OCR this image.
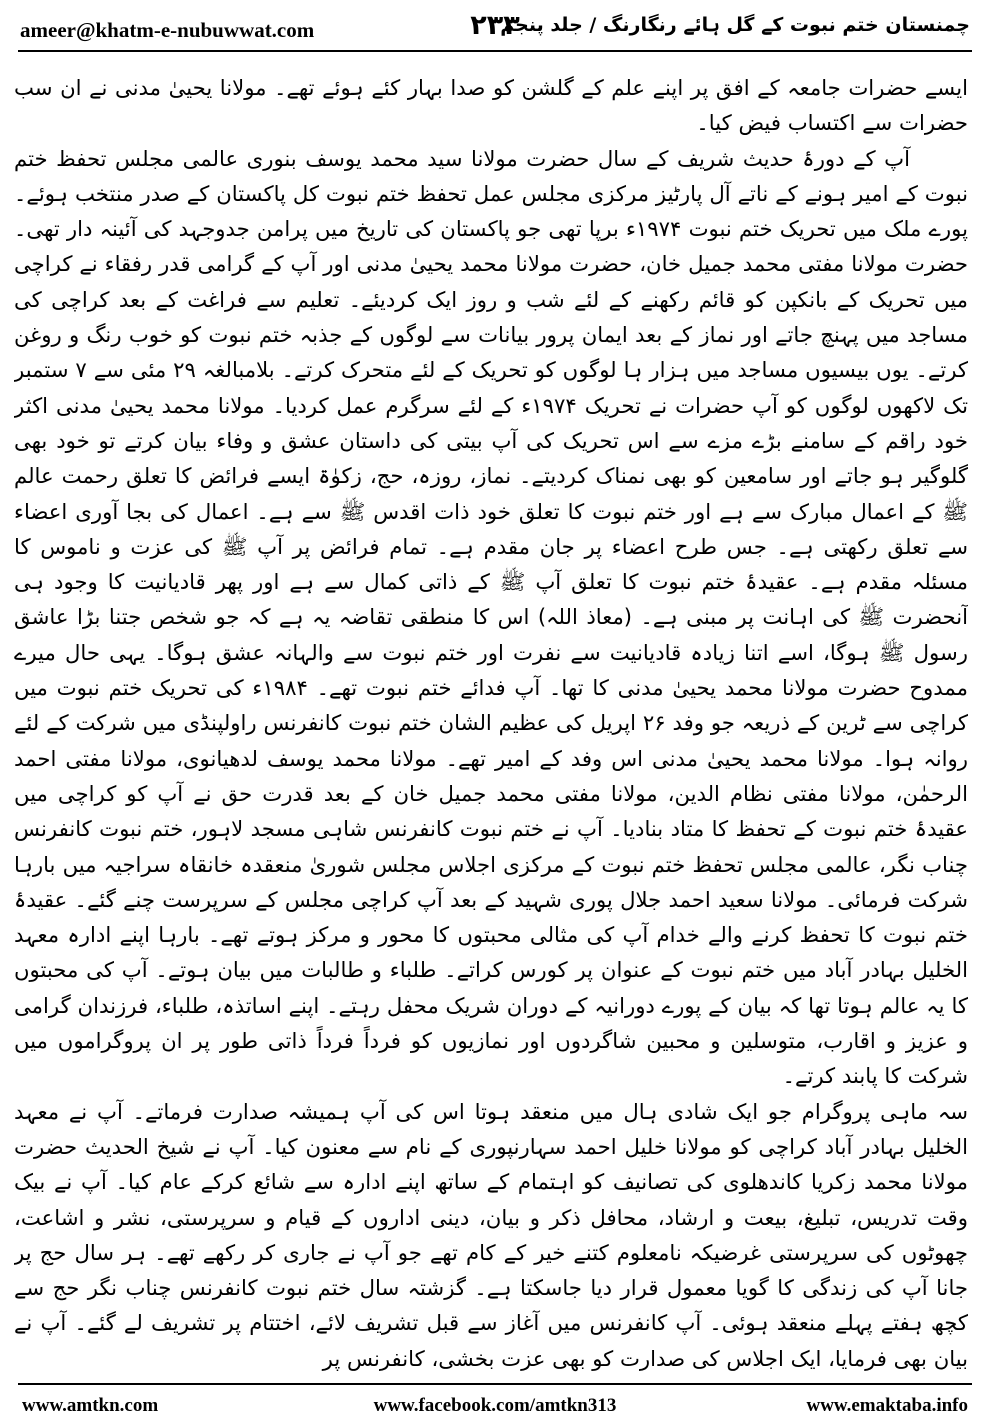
ameer@khatm-e-nubuwwat.com	۲۳۳
چمنستان ختم نبوت کے گل ہائے رنگارنگ / جلد پنجم

ایسے حضرات جامعہ کے افق پر اپنے علم کے گلشن کو صدا بہار کئے ہوئے تھے۔ مولانا یحییٰ مدنی نے ان سب حضرات سے اکتساب فیض کیا۔

آپ کے دورۂ حدیث شریف کے سال حضرت مولانا سید محمد یوسف بنوری عالمی مجلس تحفظ ختم نبوت کے امیر ہونے کے ناتے آل پارٹیز مرکزی مجلس عمل تحفظ ختم نبوت کل پاکستان کے صدر منتخب ہوئے۔ پورے ملک میں تحریک ختم نبوت ۱۹۷۴ء برپا تھی جو پاکستان کی تاریخ میں پرامن جدوجہد کی آئینہ دار تھی۔ حضرت مولانا مفتی محمد جمیل خان، حضرت مولانا محمد یحییٰ مدنی اور آپ کے گرامی قدر رفقاء نے کراچی میں تحریک کے بانکپن کو قائم رکھنے کے لئے شب و روز ایک کردیئے۔ تعلیم سے فراغت کے بعد کراچی کی مساجد میں پہنچ جاتے اور نماز کے بعد ایمان پرور بیانات سے لوگوں کے جذبہ ختم نبوت کو خوب رنگ و روغن کرتے۔ یوں بیسیوں مساجد میں ہزار ہا لوگوں کو تحریک کے لئے متحرک کرتے۔ بلامبالغہ ۲۹ مئی سے ۷ ستمبر تک لاکھوں لوگوں کو آپ حضرات نے تحریک ۱۹۷۴ء کے لئے سرگرم عمل کردیا۔ مولانا محمد یحییٰ مدنی اکثر خود راقم کے سامنے بڑے مزے سے اس تحریک کی آپ بیتی کی داستان عشق و وفاء بیان کرتے تو خود بھی گلوگیر ہو جاتے اور سامعین کو بھی نمناک کردیتے۔ نماز، روزہ، حج، زکوٰۃ ایسے فرائض کا تعلق رحمت عالم ﷺ کے اعمال مبارک سے ہے اور ختم نبوت کا تعلق خود ذات اقدس ﷺ سے ہے۔ اعمال کی بجا آوری اعضاء سے تعلق رکھتی ہے۔ جس طرح اعضاء پر جان مقدم ہے۔ تمام فرائض پر آپ ﷺ کی عزت و ناموس کا مسئلہ مقدم ہے۔ عقیدۂ ختم نبوت کا تعلق آپ ﷺ کے ذاتی کمال سے ہے اور پھر قادیانیت کا وجود ہی آنحضرت ﷺ کی اہانت پر مبنی ہے۔ (معاذ اللہ) اس کا منطقی تقاضہ یہ ہے کہ جو شخص جتنا بڑا عاشق رسول ﷺ ہوگا، اسے اتنا زیادہ قادیانیت سے نفرت اور ختم نبوت سے والہانہ عشق ہوگا۔ یہی حال میرے ممدوح حضرت مولانا محمد یحییٰ مدنی کا تھا۔ آپ فدائے ختم نبوت تھے۔ ۱۹۸۴ء کی تحریک ختم نبوت میں کراچی سے ٹرین کے ذریعہ جو وفد ۲۶ اپریل کی عظیم الشان ختم نبوت کانفرنس راولپنڈی میں شرکت کے لئے روانہ ہوا۔ مولانا محمد یحییٰ مدنی اس وفد کے امیر تھے۔ مولانا محمد یوسف لدھیانوی، مولانا مفتی احمد الرحمٰن، مولانا مفتی نظام الدین، مولانا مفتی محمد جمیل خان کے بعد قدرت حق نے آپ کو کراچی میں عقیدۂ ختم نبوت کے تحفظ کا متاد بنادیا۔ آپ نے ختم نبوت کانفرنس شاہی مسجد لاہور، ختم نبوت کانفرنس چناب نگر، عالمی مجلس تحفظ ختم نبوت کے مرکزی اجلاس مجلس شوریٰ منعقدہ خانقاہ سراجیہ میں بارہا شرکت فرمائی۔ مولانا سعید احمد جلال پوری شہید کے بعد آپ کراچی مجلس کے سرپرست چنے گئے۔ عقیدۂ ختم نبوت کا تحفظ کرنے والے خدام آپ کی مثالی محبتوں کا محور و مرکز ہوتے تھے۔ بارہا اپنے ادارہ معہد الخلیل بہادر آباد میں ختم نبوت کے عنوان پر کورس کراتے۔ طلباء و طالبات میں بیان ہوتے۔ آپ کی محبتوں کا یہ عالم ہوتا تھا کہ بیان کے پورے دورانیہ کے دوران شریک محفل رہتے۔ اپنے اساتذہ، طلباء، فرزندان گرامی و عزیز و اقارب، متوسلین و محبین شاگردوں اور نمازیوں کو فرداً فرداً ذاتی طور پر ان پروگراموں میں شرکت کا پابند کرتے۔

سہ ماہی پروگرام جو ایک شادی ہال میں منعقد ہوتا اس کی آپ ہمیشہ صدارت فرماتے۔ آپ نے معہد الخلیل بہادر آباد کراچی کو مولانا خلیل احمد سہارنپوری کے نام سے معنون کیا۔ آپ نے شیخ الحدیث حضرت مولانا محمد زکریا کاندھلوی کی تصانیف کو اہتمام کے ساتھ اپنے ادارہ سے شائع کرکے عام کیا۔ آپ نے بیک وقت تدریس، تبلیغ، بیعت و ارشاد، محافل ذکر و بیان، دینی اداروں کے قیام و سرپرستی، نشر و اشاعت، چھوٹوں کی سرپرستی غرضیکہ نامعلوم کتنے خیر کے کام تھے جو آپ نے جاری کر رکھے تھے۔ ہر سال حج پر جانا آپ کی زندگی کا گویا معمول قرار دیا جاسکتا ہے۔ گزشتہ سال ختم نبوت کانفرنس چناب نگر حج سے کچھ ہفتے پہلے منعقد ہوئی۔ آپ کانفرنس میں آغاز سے قبل تشریف لائے، اختتام پر تشریف لے گئے۔ آپ نے بیان بھی فرمایا، ایک اجلاس کی صدارت کو بھی عزت بخشی، کانفرنس پر

www.amtkn.com	www.facebook.com/amtkn313	www.emaktaba.info
